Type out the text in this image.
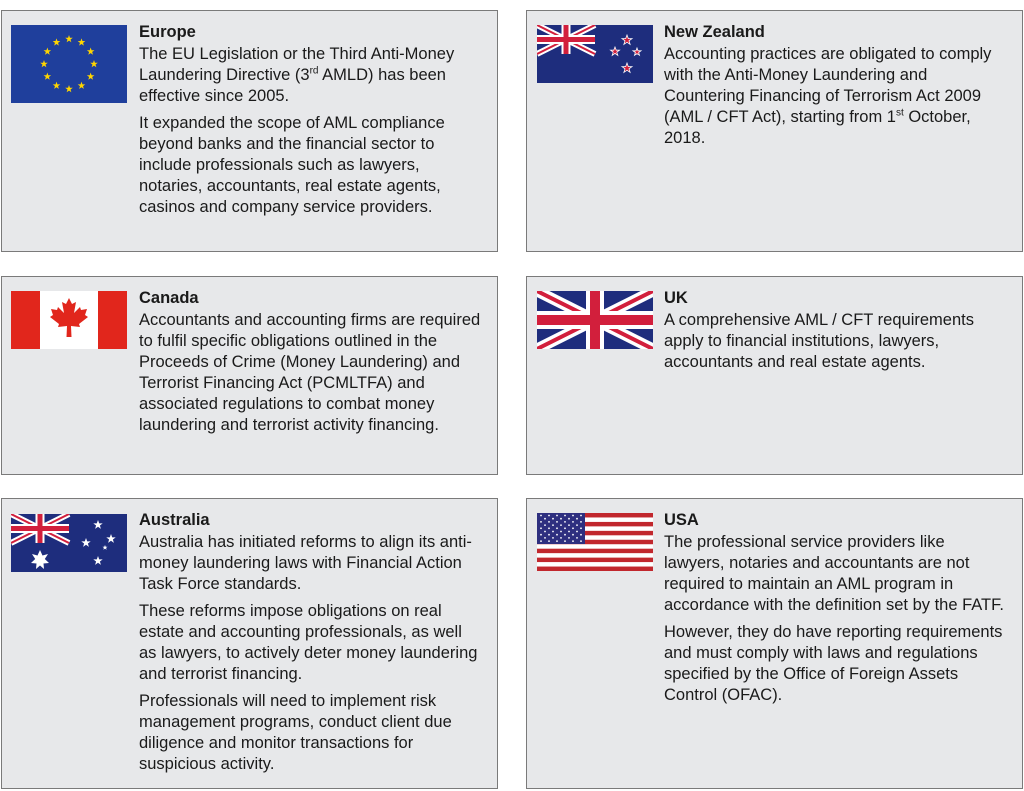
Europe

The EU Legislation or the Third Anti-Money Laundering Directive (3rd AMLD) has been effective since 2005.

It expanded the scope of AML compliance beyond banks and the financial sector to include professionals such as lawyers, notaries, accountants, real estate agents, casinos and company service providers.

New Zealand

Accounting practices are obligated to comply with the Anti-Money Laundering and Countering Financing of Terrorism Act 2009 (AML / CFT Act), starting from 1st October, 2018.

Canada

Accountants and accounting firms are required to fulfil specific obligations outlined in the Proceeds of Crime (Money Laundering) and Terrorist Financing Act (PCMLTFA) and associated regulations to combat money laundering and terrorist activity financing.

UK

A comprehensive AML / CFT requirements apply to financial institutions, lawyers, accountants and real estate agents.

Australia

Australia has initiated reforms to align its anti-money laundering laws with Financial Action Task Force standards.

These reforms impose obligations on real estate and accounting professionals, as well as lawyers, to actively deter money laundering and terrorist financing.

Professionals will need to implement risk management programs, conduct client due diligence and monitor transactions for suspicious activity.

USA

The professional service providers like lawyers, notaries and accountants are not required to maintain an AML program in accordance with the definition set by the FATF.

However, they do have reporting requirements and must comply with laws and regulations specified by the Office of Foreign Assets Control (OFAC).
